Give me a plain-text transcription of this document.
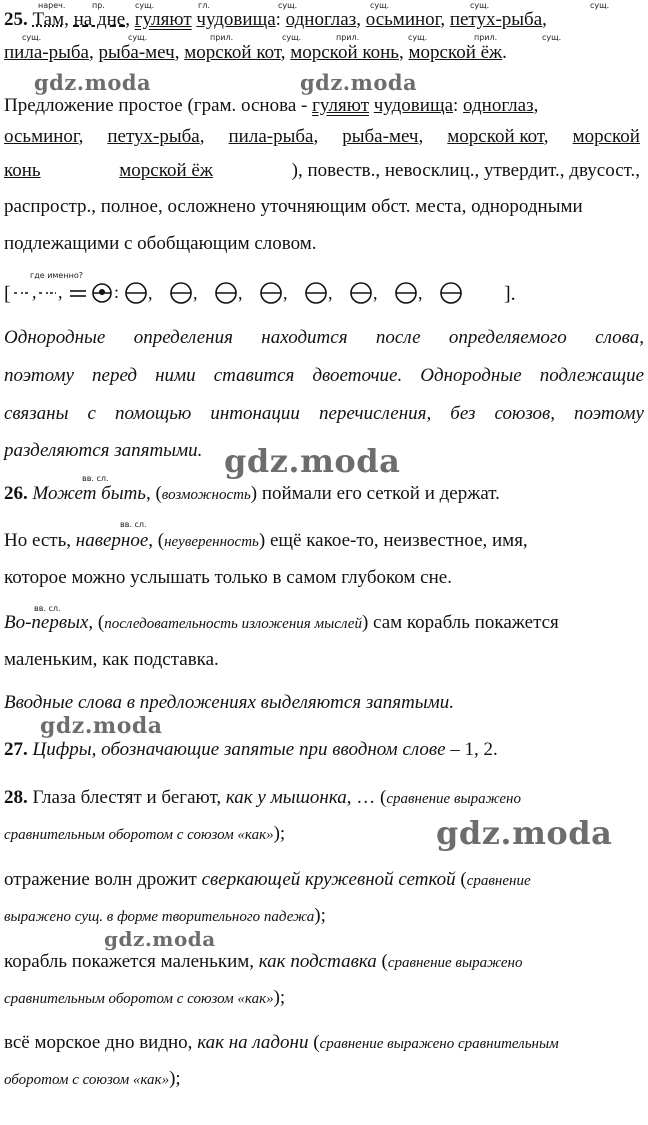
нареч.	пр.	сущ.	гл.	сущ.	сущ.	сущ.	сущ.
25. Там, на дне, гуляют чудовища: одноглаз, осьминог, петух-рыба,
сущ.	сущ.	прил.	сущ.	прил.	сущ.	прил.	сущ.
пила-рыба, рыба-меч, морской кот, морской конь, морской ёж.
gdz.moda	gdz.moda
Предложение простое (грам. основа - гуляют чудовища: одноглаз,
осьминог, петух-рыба, пила-рыба, рыба-меч, морской кот, морской
конь	морской ёж	), повеств., невосклиц., утвердит., двусост.,
распростр., полное, осложнено уточняющим обст. места, однородными
подлежащими с обобщающим словом.
где именно?
[ , ,	: , , , , , , ,	].
Однородные определения находится после определяемого слова,
поэтому перед ними ставится двоеточие. Однородные подлежащие
связаны с помощью интонации перечисления, без союзов, поэтому
разделяются запятыми. gdz.moda
вв. сл.
26. Может быть, (возможность) поймали его сеткой и держат.
вв. сл.
Но есть, наверное, (неуверенность) ещё какое-то, неизвестное, имя,
которое можно услышать только в самом глубоком сне.
вв. сл.
Во-первых, (последовательность изложения мыслей) сам корабль покажется
маленьким, как подставка.
Вводные слова в предложениях выделяются запятыми.
gdz.moda
27. Цифры, обозначающие запятые при вводном слове – 1, 2.
28. Глаза блестят и бегают, как у мышонка, … (сравнение выражено
gdz.moda
сравнительным оборотом с союзом «как»);
отражение волн дрожит сверкающей кружевной сеткой (сравнение
выражено сущ. в форме творительного падежа);
gdz.moda
корабль покажется маленьким, как подставка (сравнение выражено
сравнительным оборотом с союзом «как»);
всё морское дно видно, как на ладони (сравнение выражено сравнительным
оборотом с союзом «как»);
